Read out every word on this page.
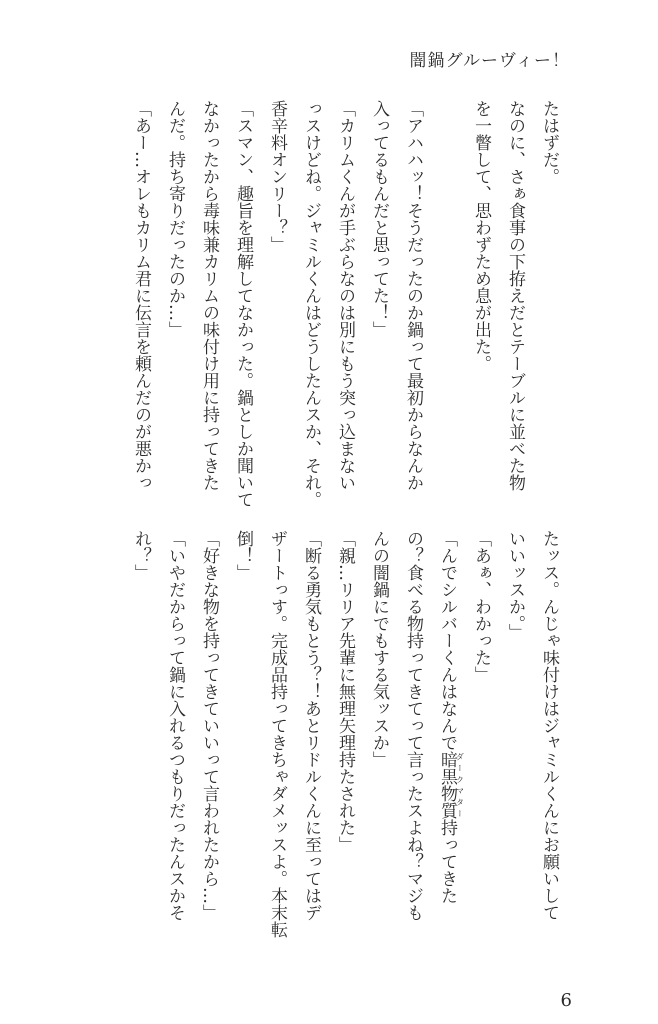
闇鍋グルーヴィー！
たはずだ。
なのに、さぁ食事の下拵えだとテーブルに並べた物
を一瞥して、思わずため息が出た。

「アハハッ！そうだったのか鍋って最初からなんか
入ってるもんだと思ってた！」
「カリムくんが手ぶらなのは別にもう突っ込まない
っスけどね。ジャミルくんはどうしたんスか、それ。
香辛料オンリー？」
「スマン、趣旨を理解してなかった。鍋としか聞いて
なかったから毒味兼カリムの味付け用に持ってきた
んだ。持ち寄りだったのか…」
「あー…オレもカリム君に伝言を頼んだのが悪かっ
たッス。んじゃ味付けはジャミルくんにお願いして
いいッスか。」
「あぁ、わかった」
「んでシルバーくんはなんで暗黒物質ダークマター持ってきた
の？食べる物持ってきてって言ったスよね？マジも
んの闇鍋にでもする気ッスか」
「親…リリア先輩に無理矢理持たされた」
「断る勇気もとう？！あとリドルくんに至ってはデ
ザートっす。完成品持ってきちゃダメッスよ。本末転
倒！」
「好きな物を持ってきていいって言われたから…」
「いやだからって鍋に入れるつもりだったんスかそ
れ？」
6
